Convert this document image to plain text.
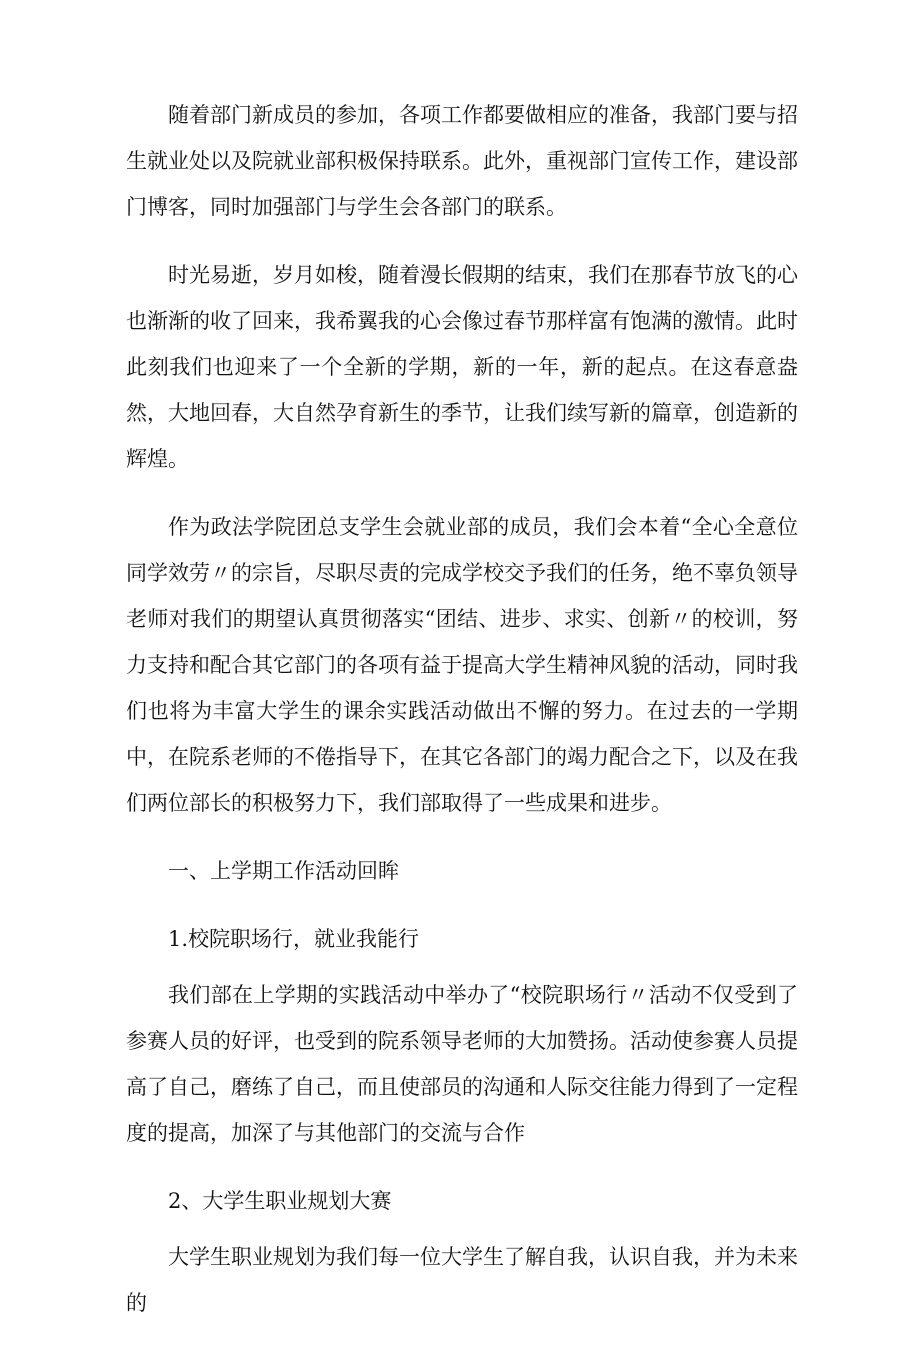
随着部门新成员的参加，各项工作都要做相应的准备，我部门要与招生就业处以及院就业部积极保持联系。此外，重视部门宣传工作，建设部门博客，同时加强部门与学生会各部门的联系。

时光易逝，岁月如梭，随着漫长假期的结束，我们在那春节放飞的心也渐渐的收了回来，我希翼我的心会像过春节那样富有饱满的激情。此时此刻我们也迎来了一个全新的学期，新的一年，新的起点。在这春意盎然，大地回春，大自然孕育新生的季节，让我们续写新的篇章，创造新的辉煌。

作为政法学院团总支学生会就业部的成员，我们会本着“全心全意位同学效劳〃的宗旨，尽职尽责的完成学校交予我们的任务，绝不辜负领导老师对我们的期望认真贯彻落实“团结、进步、求实、创新〃的校训，努力支持和配合其它部门的各项有益于提高大学生精神风貌的活动，同时我们也将为丰富大学生的课余实践活动做出不懈的努力。在过去的一学期中，在院系老师的不倦指导下，在其它各部门的竭力配合之下，以及在我们两位部长的积极努力下，我们部取得了一些成果和进步。

一、上学期工作活动回眸

1.校院职场行，就业我能行

我们部在上学期的实践活动中举办了“校院职场行〃活动不仅受到了参赛人员的好评，也受到的院系领导老师的大加赞扬。活动使参赛人员提高了自己，磨练了自己，而且使部员的沟通和人际交往能力得到了一定程度的提高，加深了与其他部门的交流与合作

2、大学生职业规划大赛

大学生职业规划为我们每一位大学生了解自我，认识自我，并为未来的
